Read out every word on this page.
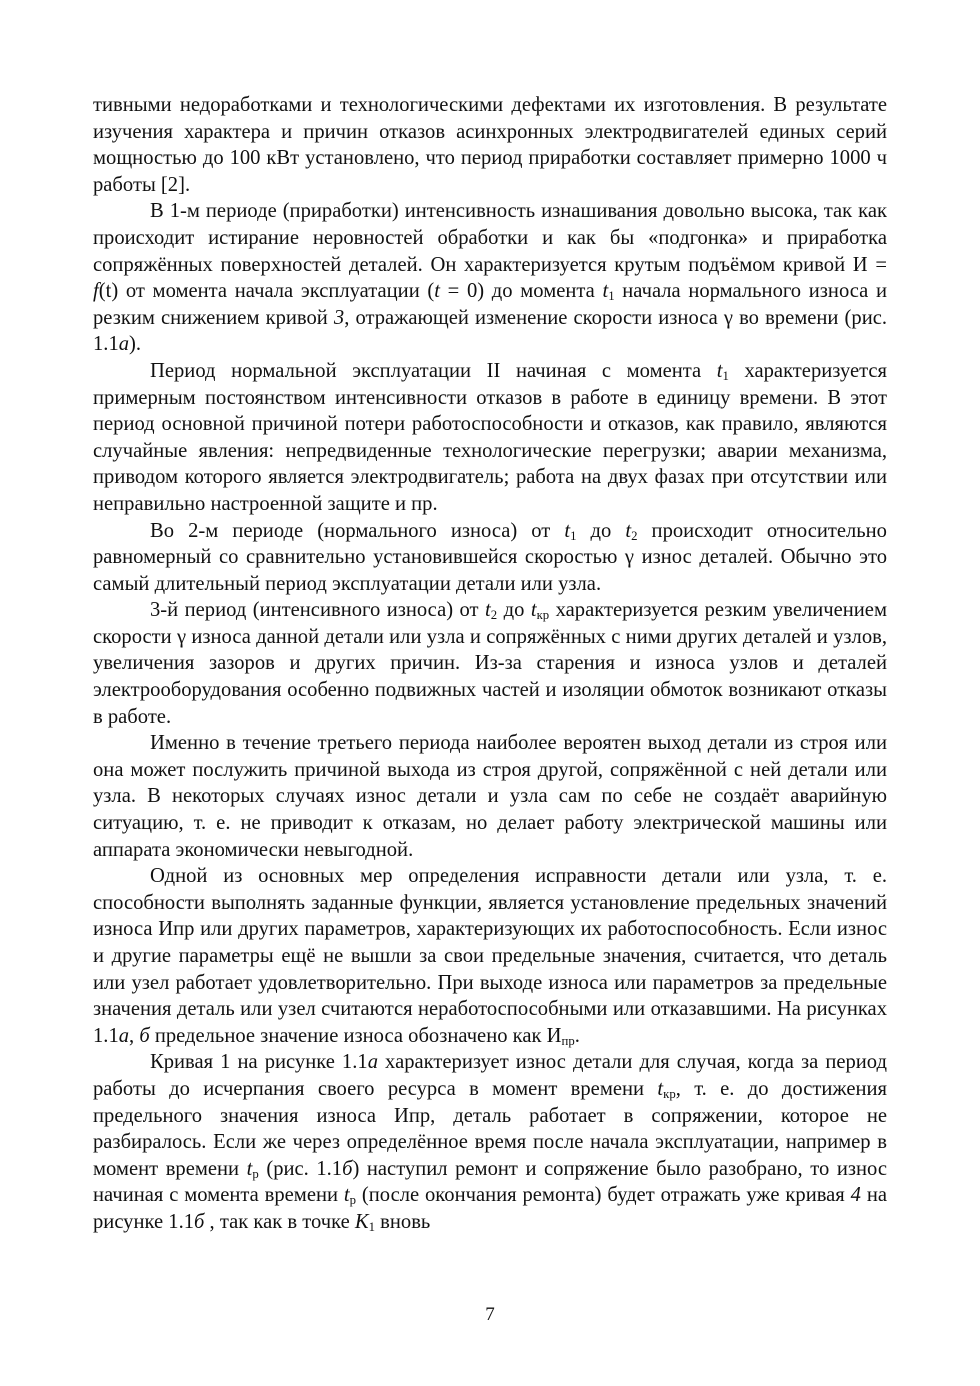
тивными недоработками и технологическими дефектами их изготовления. В результате изучения характера и причин отказов асинхронных электродвигателей единых серий мощностью до 100 кВт установлено, что период приработки составляет примерно 1000 ч работы [2].

В 1-м периоде (приработки) интенсивность изнашивания довольно высока, так как происходит истирание неровностей обработки и как бы «подгонка» и приработка сопряжённых поверхностей деталей. Он характеризуется крутым подъёмом кривой И = f(t) от момента начала эксплуатации (t = 0) до момента $t_1$ начала нормального износа и резким снижением кривой 3, отражающей изменение скорости износа γ во времени (рис. 1.1а).

Период нормальной эксплуатации II начиная с момента $t_1$ характеризуется примерным постоянством интенсивности отказов в работе в единицу времени. В этот период основной причиной потери работоспособности и отказов, как правило, являются случайные явления: непредвиденные технологические перегрузки; аварии механизма, приводом которого является электродвигатель; работа на двух фазах при отсутствии или неправильно настроенной защите и пр.

Во 2-м периоде (нормального износа) от $t_1$ до $t_2$ происходит относительно равномерный со сравнительно установившейся скоростью γ износ деталей. Обычно это самый длительный период эксплуатации детали или узла.

3-й период (интенсивного износа) от $t_2$ до $t_{кр}$ характеризуется резким увеличением скорости γ износа данной детали или узла и сопряжённых с ними других деталей и узлов, увеличения зазоров и других причин. Из-за старения и износа узлов и деталей электрооборудования особенно подвижных частей и изоляции обмоток возникают отказы в работе.

Именно в течение третьего периода наиболее вероятен выход детали из строя или она может послужить причиной выхода из строя другой, сопряжённой с ней детали или узла. В некоторых случаях износ детали и узла сам по себе не создаёт аварийную ситуацию, т. е. не приводит к отказам, но делает работу электрической машины или аппарата экономически невыгодной.

Одной из основных мер определения исправности детали или узла, т. е. способности выполнять заданные функции, является установление предельных значений износа Ипр или других параметров, характеризующих их работоспособность. Если износ и другие параметры ещё не вышли за свои предельные значения, считается, что деталь или узел работает удовлетворительно. При выходе износа или параметров за предельные значения деталь или узел считаются неработоспособными или отказавшими. На рисунках 1.1а, б предельное значение износа обозначено как $И_{пр}$.

Кривая 1 на рисунке 1.1а характеризует износ детали для случая, когда за период работы до исчерпания своего ресурса в момент времени $t_{кр}$, т. е. до достижения предельного значения износа Ипр, деталь работает в сопряжении, которое не разбиралось. Если же через определённое время после начала эксплуатации, например в момент времени $t_р$ (рис. 1.1б) наступил ремонт и сопряжение было разобрано, то износ начиная с момента времени $t_р$ (после окончания ремонта) будет отражать уже кривая 4 на рисунке 1.1б , так как в точке $K_1$ вновь

7
